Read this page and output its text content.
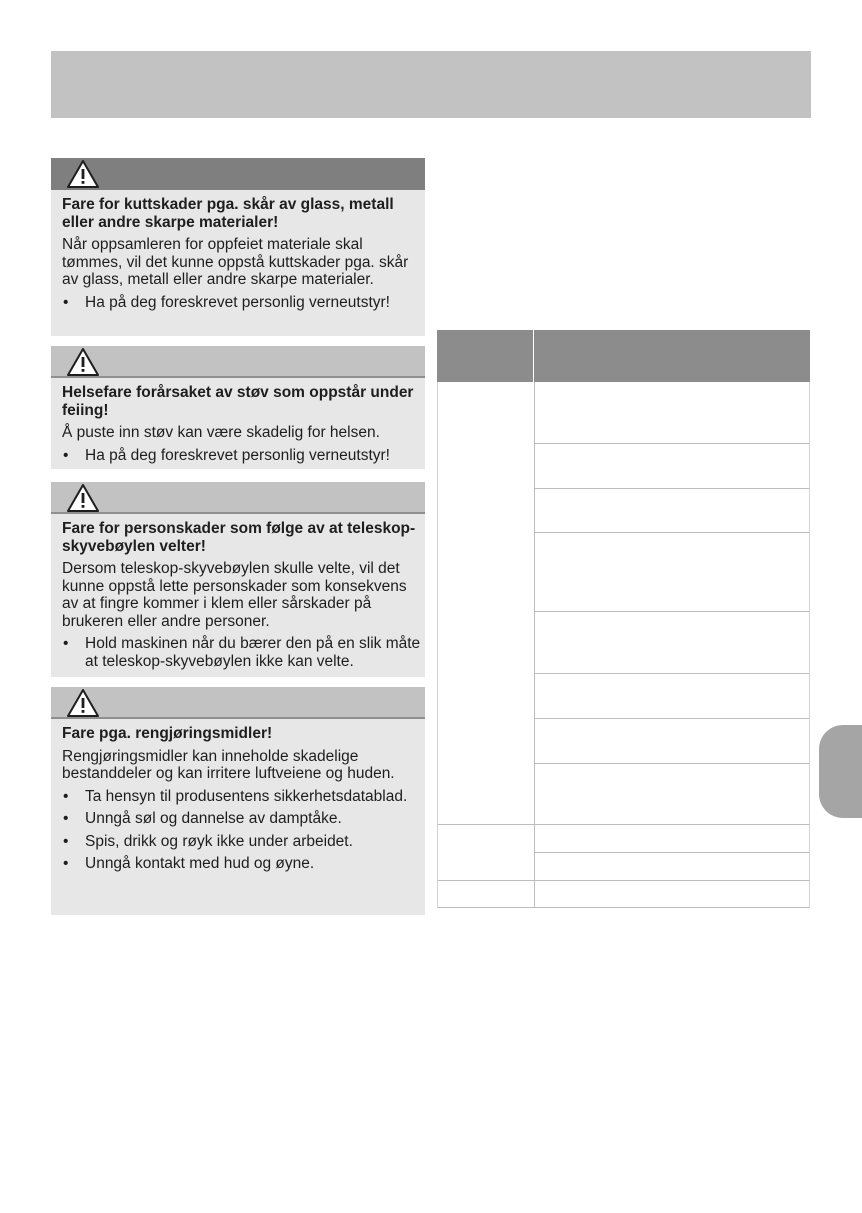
Fare for kuttskader pga. skår av glass, metall eller andre skarpe materialer!

Når oppsamleren for oppfeiet materiale skal tømmes, vil det kunne oppstå kuttskader pga. skår av glass, metall eller andre skarpe materialer.

• Ha på deg foreskrevet personlig verneutstyr!

Helsefare forårsaket av støv som oppstår under feiing!

Å puste inn støv kan være skadelig for helsen.

• Ha på deg foreskrevet personlig verneutstyr!

Fare for personskader som følge av at teleskop-skyvebøylen velter!

Dersom teleskop-skyvebøylen skulle velte, vil det kunne oppstå lette personskader som konsekvens av at fingre kommer i klem eller sårskader på brukeren eller andre personer.

• Hold maskinen når du bærer den på en slik måte at teleskop-skyvebøylen ikke kan velte.

Fare pga. rengjøringsmidler!

Rengjøringsmidler kan inneholde skadelige bestanddeler og kan irritere luftveiene og huden.

• Ta hensyn til produsentens sikkerhetsdatablad.
• Unngå søl og dannelse av damptåke.
• Spis, drikk og røyk ikke under arbeidet.
• Unngå kontakt med hud og øyne.
